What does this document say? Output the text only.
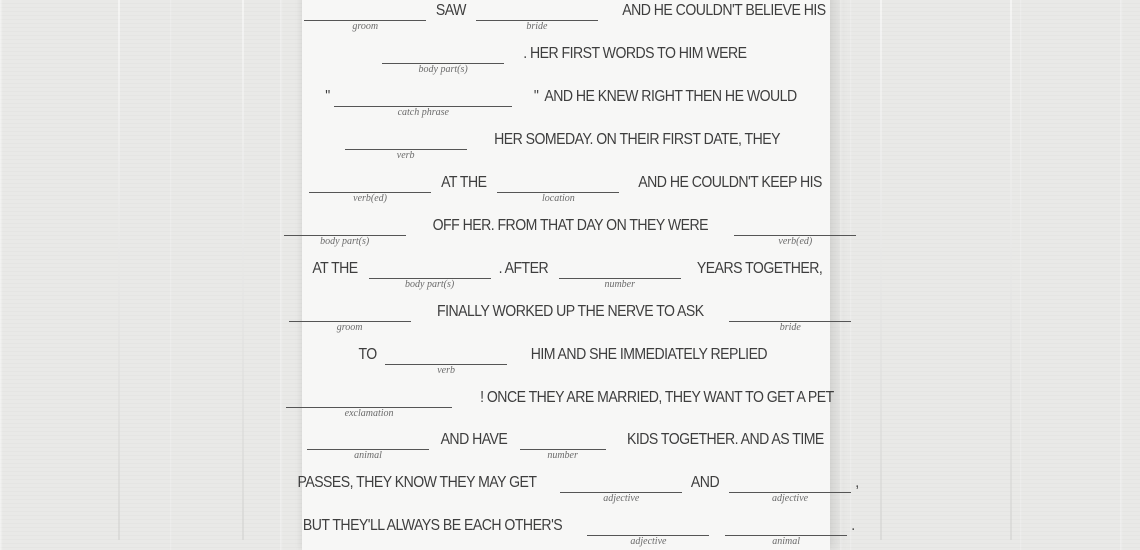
groom
SAW
bride
AND HE COULDN'T BELIEVE HIS
body part(s)
. HER FIRST WORDS TO HIM WERE
"
catch phrase
"  AND HE KNEW RIGHT THEN HE WOULD
verb
HER SOMEDAY. ON THEIR FIRST DATE, THEY
verb(ed)
AT THE
location
AND HE COULDN'T KEEP HIS
body part(s)
OFF HER. FROM THAT DAY ON THEY WERE
verb(ed)
AT THE
body part(s)
. AFTER
number
YEARS TOGETHER,
groom
FINALLY WORKED UP THE NERVE TO ASK
bride
TO
verb
HIM AND SHE IMMEDIATELY REPLIED
exclamation
! ONCE THEY ARE MARRIED, THEY WANT TO GET A PET
animal
AND HAVE
number
KIDS TOGETHER. AND AS TIME
PASSES, THEY KNOW THEY MAY GET
adjective
AND
adjective
,
BUT THEY'LL ALWAYS BE EACH OTHER'S
adjective
	animal
.
